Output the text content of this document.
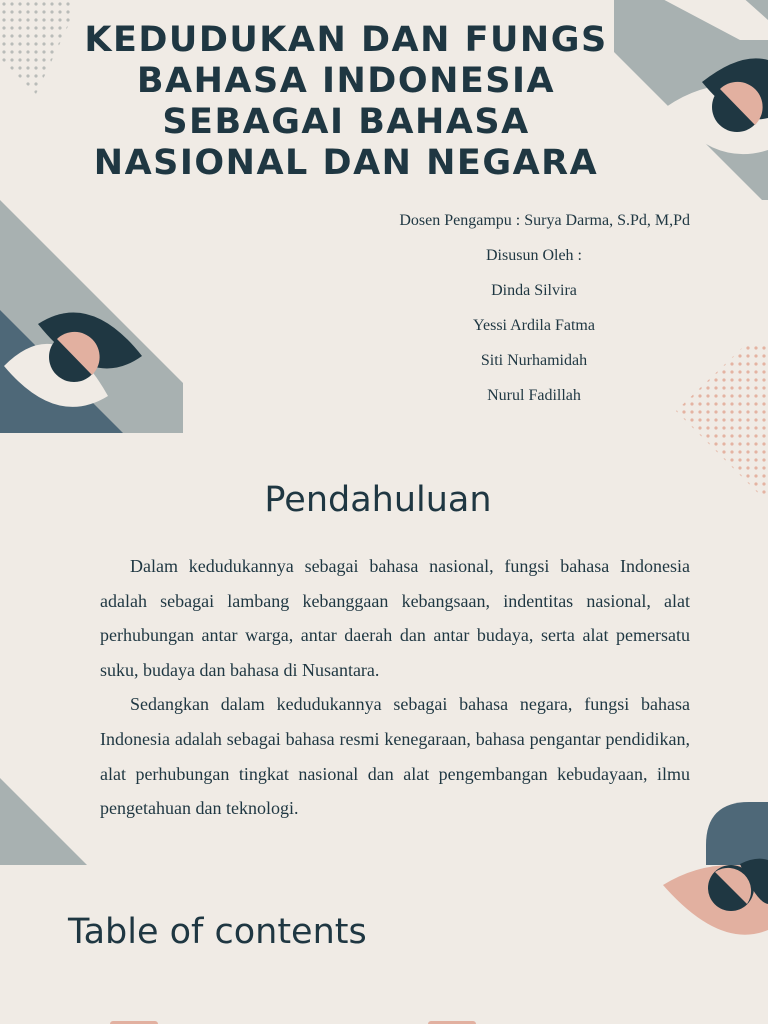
KEDUDUKAN DAN FUNGS
BAHASA INDONESIA
SEBAGAI BAHASA
NASIONAL DAN NEGARA
Dosen Pengampu : Surya Darma, S.Pd, M,Pd
Disusun Oleh :
Dinda Silvira
Yessi Ardila Fatma
Siti Nurhamidah
Nurul Fadillah
Pendahuluan

Dalam kedudukannya sebagai bahasa nasional, fungsi bahasa Indonesia adalah sebagai lambang kebanggaan kebangsaan, indentitas nasional, alat perhubungan antar warga, antar daerah dan antar budaya, serta alat pemersatu suku, budaya dan bahasa di Nusantara.

Sedangkan dalam kedudukannya sebagai bahasa negara, fungsi bahasa Indonesia adalah sebagai bahasa resmi kenegaraan, bahasa pengantar pendidikan, alat perhubungan tingkat nasional dan alat pengembangan kebudayaan, ilmu pengetahuan dan teknologi.

Table of contents
